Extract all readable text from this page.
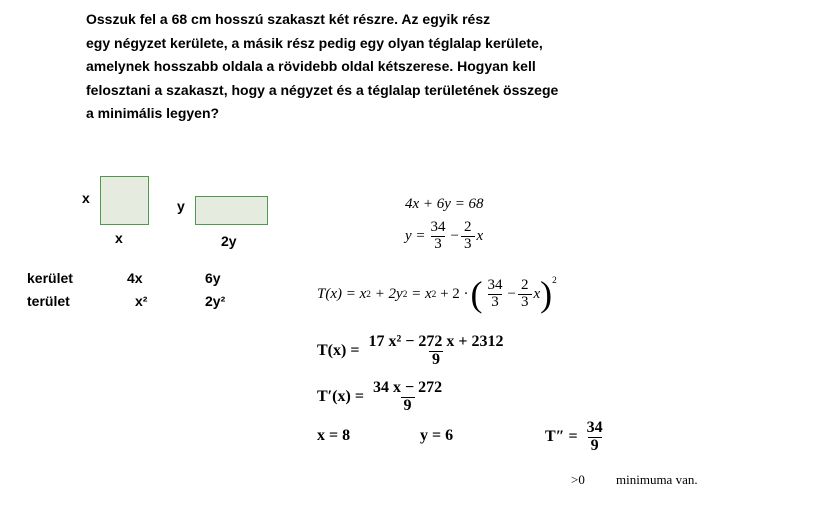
Osszuk fel a 68 cm hosszú szakaszt két részre. Az egyik rész
egy négyzet kerülete, a másik rész pedig egy olyan téglalap kerülete,
amelynek hosszabb oldala a rövidebb oldal kétszerese. Hogyan kell
felosztani a szakaszt, hogy a négyzet és a téglalap területének összege
a minimális legyen?
x
x
y
2y
kerület	4x	6y
terület	x²	2y²
4x + 6y = 68
$y = \frac{34}{3} - \frac{2}{3}$ x
T(x) = x 2 + 2y 2 = x 2 + 2 · ( $\frac{34}{3} - \frac{2}{3}$ x )$^2$
$T(x) = \frac{\text{17 x² − 272 x + 2312}}{9}$
$T'(x) = \frac{34 x - 272}{9}$
x = 8	y = 6	$T'' = \frac{34}{9}$
>0 minimuma van.
